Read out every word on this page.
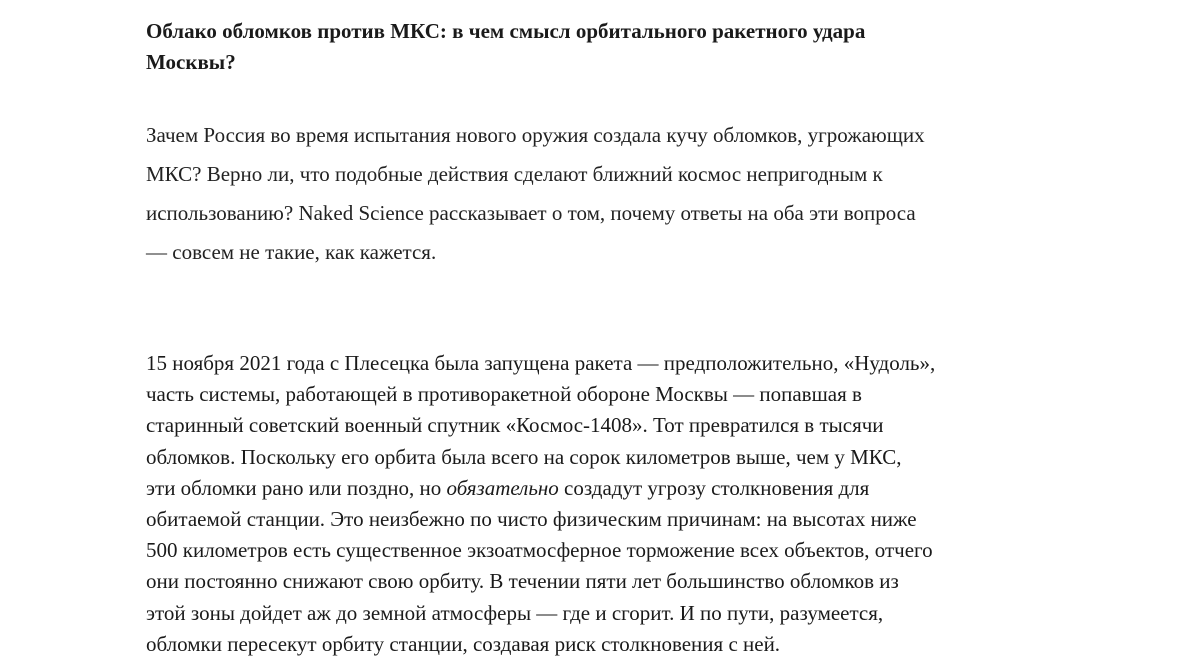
Облако обломков против МКС: в чем смысл орбитального ракетного удара
Москвы?

Зачем Россия во время испытания нового оружия создала кучу обломков, угрожающих
МКС? Верно ли, что подобные действия сделают ближний космос непригодным к
использованию? Naked Science рассказывает о том, почему ответы на оба эти вопроса
— совсем не такие, как кажется.

15 ноября 2021 года с Плесецка была запущена ракета — предположительно, «Нудоль»,
часть системы, работающей в противоракетной обороне Москвы — попавшая в
старинный советский военный спутник «Космос-1408». Тот превратился в тысячи
обломков. Поскольку его орбита была всего на сорок километров выше, чем у МКС,
эти обломки рано или поздно, но обязательно создадут угрозу столкновения для
обитаемой станции. Это неизбежно по чисто физическим причинам: на высотах ниже
500 километров есть существенное экзоатмосферное торможение всех объектов, отчего
они постоянно снижают свою орбиту. В течении пяти лет большинство обломков из
этой зоны дойдет аж до земной атмосферы — где и сгорит. И по пути, разумеется,
обломки пересекут орбиту станции, создавая риск столкновения с ней.
